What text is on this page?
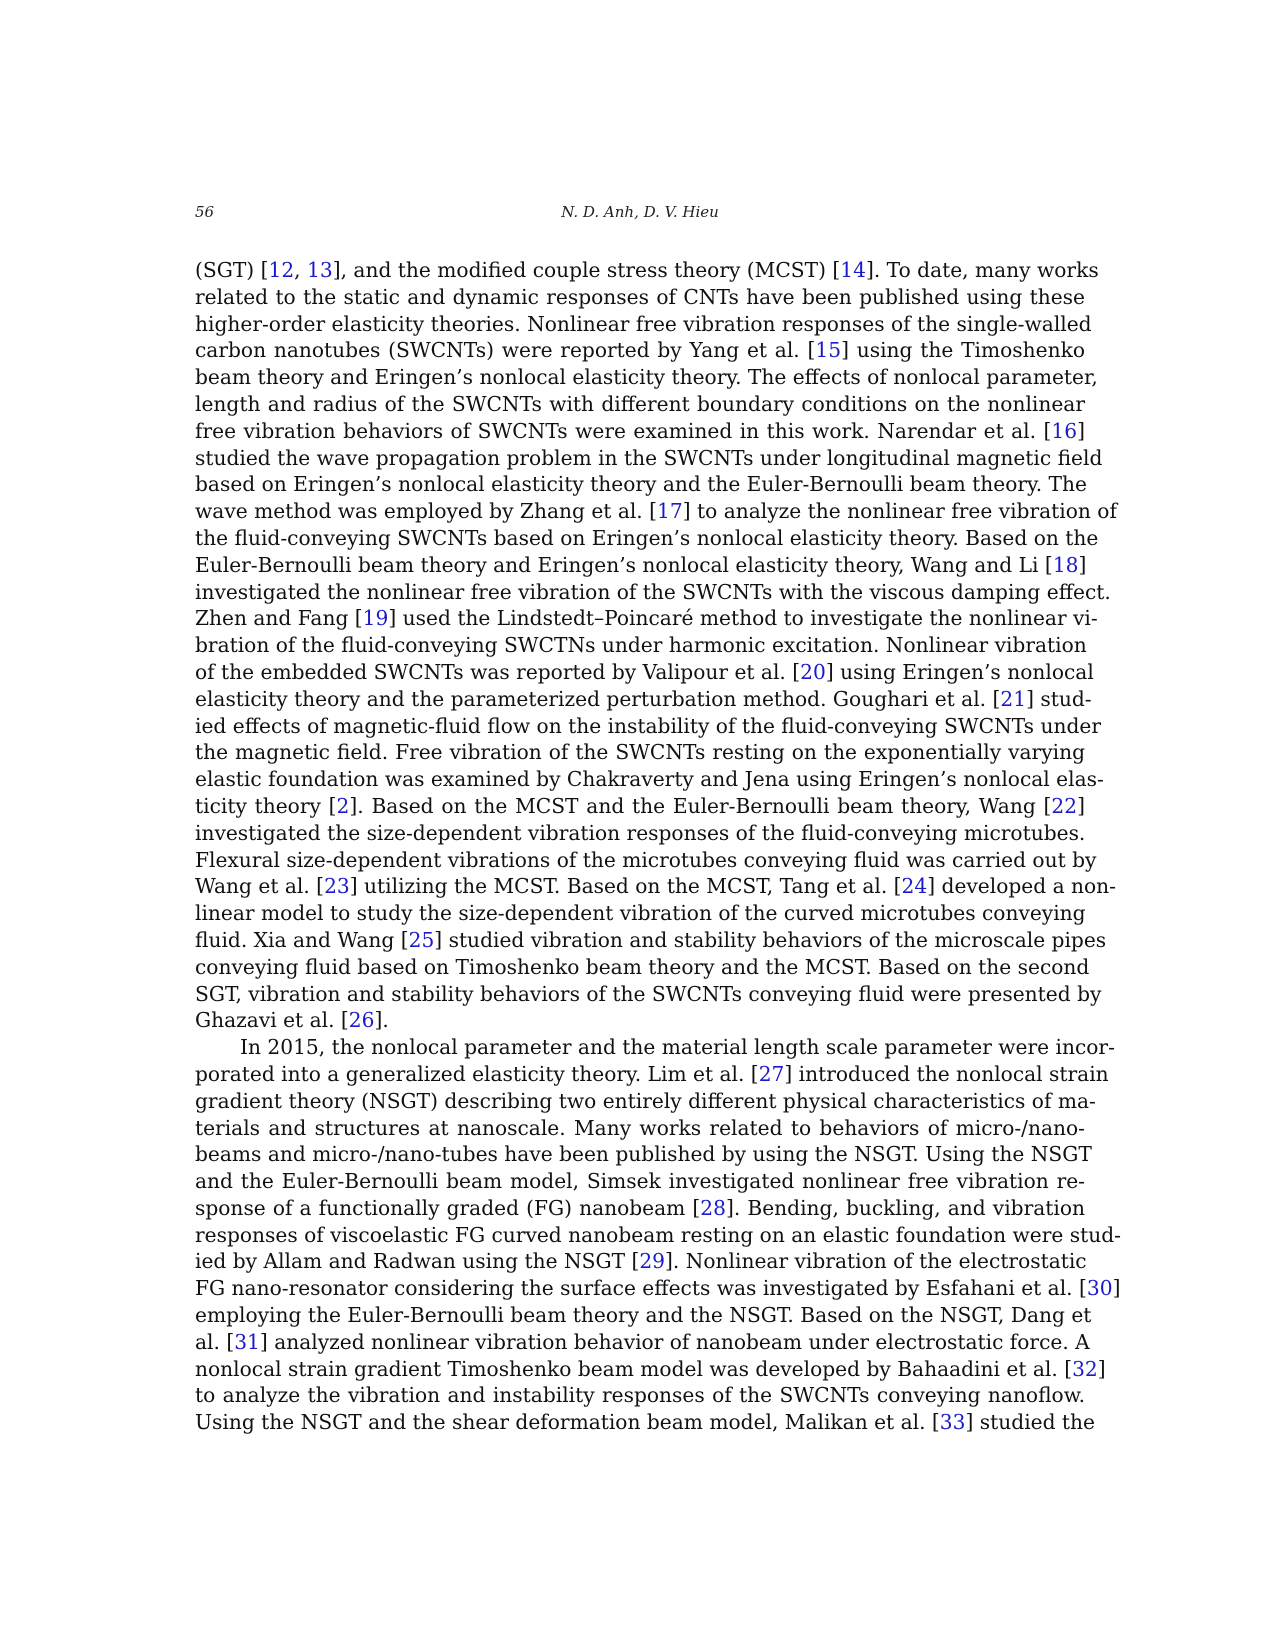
56	N. D. Anh, D. V. Hieu
(SGT) [12, 13], and the modified couple stress theory (MCST) [14]. To date, many works
related to the static and dynamic responses of CNTs have been published using these
higher-order elasticity theories. Nonlinear free vibration responses of the single-walled
carbon nanotubes (SWCNTs) were reported by Yang et al. [15] using the Timoshenko
beam theory and Eringen’s nonlocal elasticity theory. The effects of nonlocal parameter,
length and radius of the SWCNTs with different boundary conditions on the nonlinear
free vibration behaviors of SWCNTs were examined in this work. Narendar et al. [16]
studied the wave propagation problem in the SWCNTs under longitudinal magnetic field
based on Eringen’s nonlocal elasticity theory and the Euler-Bernoulli beam theory. The
wave method was employed by Zhang et al. [17] to analyze the nonlinear free vibration of
the fluid-conveying SWCNTs based on Eringen’s nonlocal elasticity theory. Based on the
Euler-Bernoulli beam theory and Eringen’s nonlocal elasticity theory, Wang and Li [18]
investigated the nonlinear free vibration of the SWCNTs with the viscous damping effect.
Zhen and Fang [19] used the Lindstedt–Poincaré method to investigate the nonlinear vi-
bration of the fluid-conveying SWCTNs under harmonic excitation. Nonlinear vibration
of the embedded SWCNTs was reported by Valipour et al. [20] using Eringen’s nonlocal
elasticity theory and the parameterized perturbation method. Goughari et al. [21] stud-
ied effects of magnetic-fluid flow on the instability of the fluid-conveying SWCNTs under
the magnetic field. Free vibration of the SWCNTs resting on the exponentially varying
elastic foundation was examined by Chakraverty and Jena using Eringen’s nonlocal elas-
ticity theory [2]. Based on the MCST and the Euler-Bernoulli beam theory, Wang [22]
investigated the size-dependent vibration responses of the fluid-conveying microtubes.
Flexural size-dependent vibrations of the microtubes conveying fluid was carried out by
Wang et al. [23] utilizing the MCST. Based on the MCST, Tang et al. [24] developed a non-
linear model to study the size-dependent vibration of the curved microtubes conveying
fluid. Xia and Wang [25] studied vibration and stability behaviors of the microscale pipes
conveying fluid based on Timoshenko beam theory and the MCST. Based on the second
SGT, vibration and stability behaviors of the SWCNTs conveying fluid were presented by
Ghazavi et al. [26].
In 2015, the nonlocal parameter and the material length scale parameter were incor-
porated into a generalized elasticity theory. Lim et al. [27] introduced the nonlocal strain
gradient theory (NSGT) describing two entirely different physical characteristics of ma-
terials and structures at nanoscale. Many works related to behaviors of micro-/nano-
beams and micro-/nano-tubes have been published by using the NSGT. Using the NSGT
and the Euler-Bernoulli beam model, Simsek investigated nonlinear free vibration re-
sponse of a functionally graded (FG) nanobeam [28]. Bending, buckling, and vibration
responses of viscoelastic FG curved nanobeam resting on an elastic foundation were stud-
ied by Allam and Radwan using the NSGT [29]. Nonlinear vibration of the electrostatic
FG nano-resonator considering the surface effects was investigated by Esfahani et al. [30]
employing the Euler-Bernoulli beam theory and the NSGT. Based on the NSGT, Dang et
al. [31] analyzed nonlinear vibration behavior of nanobeam under electrostatic force. A
nonlocal strain gradient Timoshenko beam model was developed by Bahaadini et al. [32]
to analyze the vibration and instability responses of the SWCNTs conveying nanoflow.
Using the NSGT and the shear deformation beam model, Malikan et al. [33] studied the
